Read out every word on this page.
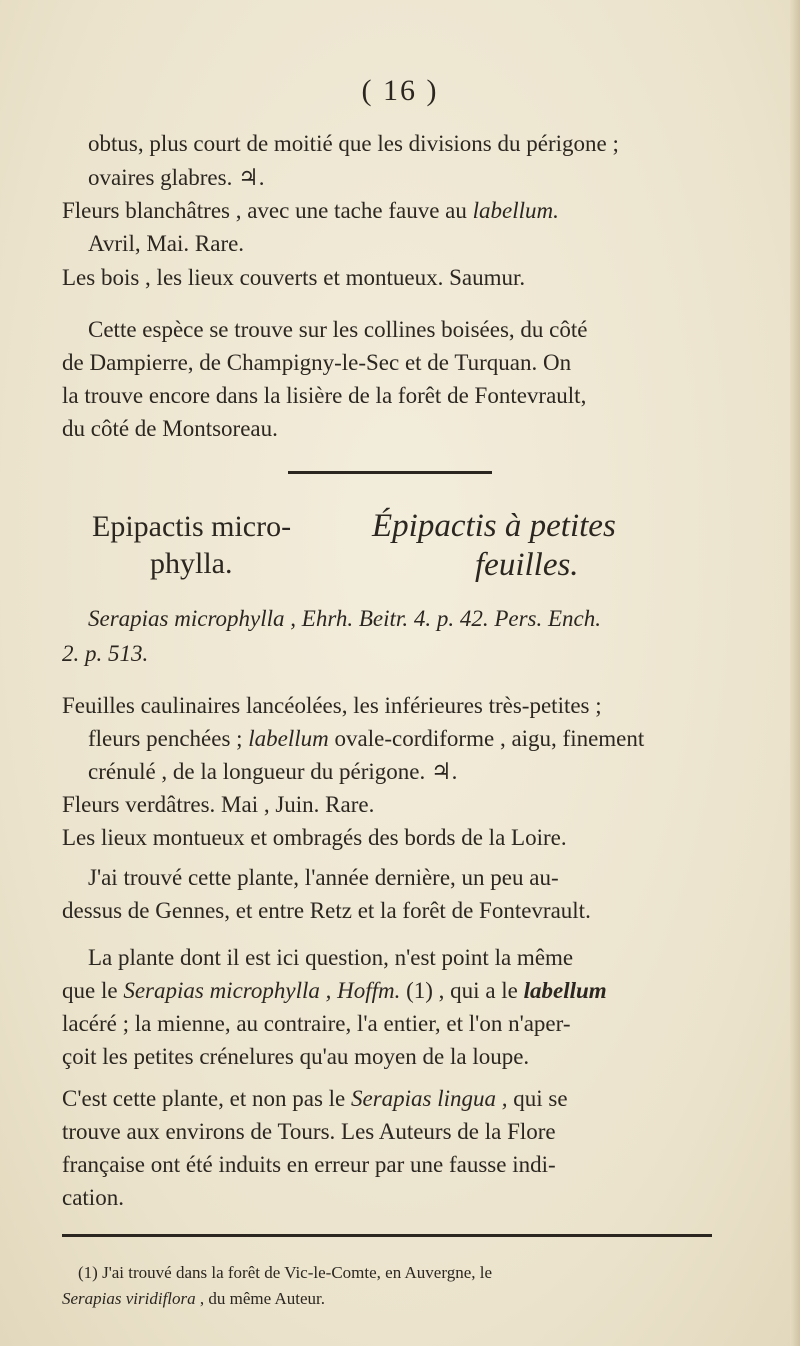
( 16 )
obtus, plus court de moitié que les divisions du périgone ;
ovaires glabres. ♃.
Fleurs blanchâtres , avec une tache fauve au labellum.
Avril, Mai. Rare.
Les bois , les lieux couverts et montueux. Saumur.
Cette espèce se trouve sur les collines boisées, du côté
de Dampierre, de Champigny-le-Sec et de Turquan. On
la trouve encore dans la lisière de la forêt de Fontevrault,
du côté de Montsoreau.
Epipactis micro-
phylla.
Épipactis à petites
feuilles.
Serapias microphylla , Ehrh. Beitr. 4. p. 42. Pers. Ench.
2. p. 513.
Feuilles caulinaires lancéolées, les inférieures très-petites ;
fleurs penchées ; labellum ovale-cordiforme , aigu, finement
crénulé , de la longueur du périgone. ♃.
Fleurs verdâtres. Mai , Juin. Rare.
Les lieux montueux et ombragés des bords de la Loire.
J'ai trouvé cette plante, l'année dernière, un peu au-
dessus de Gennes, et entre Retz et la forêt de Fontevrault.
La plante dont il est ici question, n'est point la même
que le Serapias microphylla , Hoffm. (1) , qui a le labellum
lacéré ; la mienne, au contraire, l'a entier, et l'on n'aper-
çoit les petites crénelures qu'au moyen de la loupe.
C'est cette plante, et non pas le Serapias lingua , qui se
trouve aux environs de Tours. Les Auteurs de la Flore
française ont été induits en erreur par une fausse indi-
cation.
(1) J'ai trouvé dans la forêt de Vic-le-Comte, en Auvergne, le
Serapias viridiflora , du même Auteur.
